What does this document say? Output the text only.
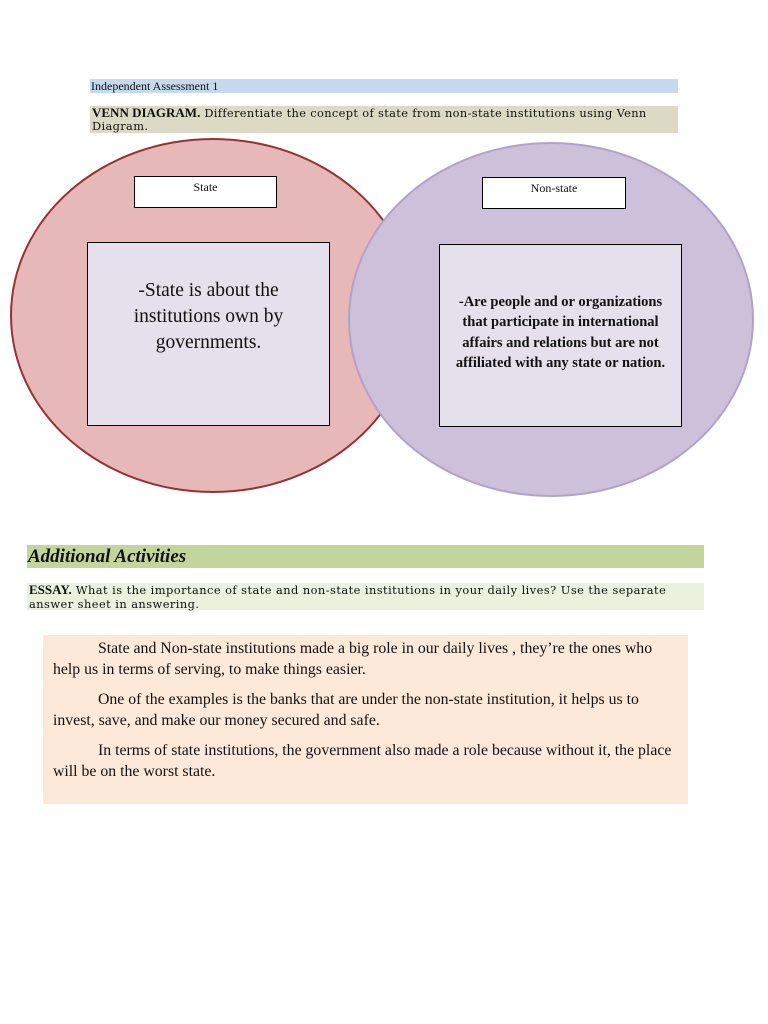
Independent Assessment 1
VENN DIAGRAM. Differentiate the concept of state from non-state institutions using Venn Diagram.
State	Non-state
-State is about the institutions own by governments.
-Are people and or organizations that participate in international affairs and relations but are not affiliated with any state or nation.
Additional Activities
ESSAY. What is the importance of state and non-state institutions in your daily lives? Use the separate answer sheet in answering.

State and Non-state institutions made a big role in our daily lives , they’re the ones who help us in terms of serving, to make things easier.

One of the examples is the banks that are under the non-state institution, it helps us to invest, save, and make our money secured and safe.

In terms of state institutions, the government also made a role because without it, the place will be on the worst state.
